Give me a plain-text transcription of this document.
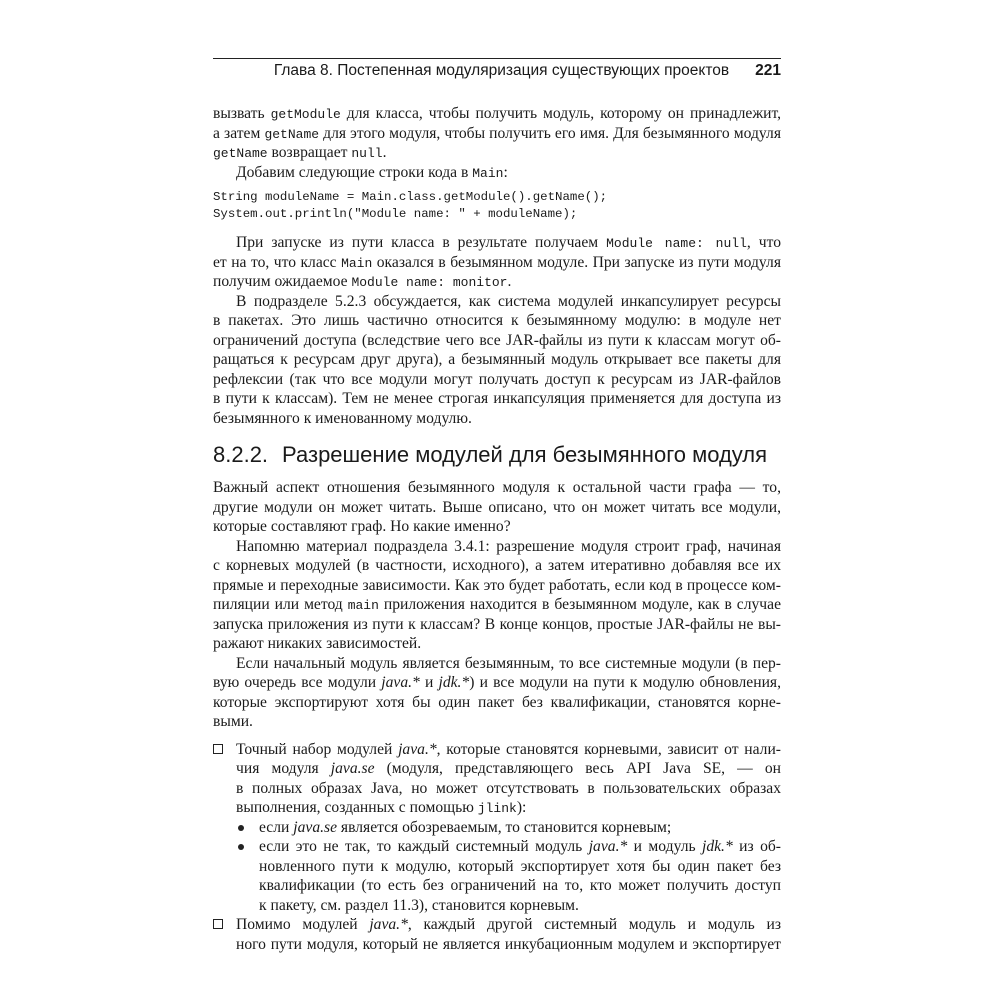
Глава 8. Постепенная модуляризация существующих проектов 221
вызвать getModule для класса, чтобы получить модуль, которому он принадлежит,
а затем getName для этого модуля, чтобы получить его имя. Для безымянного модуля
getName возвращает null.
Добавим следующие строки кода в Main:
String moduleName = Main.class.getModule().getName();
System.out.println("Module name: " + moduleName);
При запуске из пути класса в результате получаем Module name: null, что
ет на то, что класс Main оказался в безымянном модуле. При запуске из пути модуля
получим ожидаемое Module name: monitor.
В подразделе 5.2.3 обсуждается, как система модулей инкапсулирует ресурсы
в пакетах. Это лишь частично относится к безымянному модулю: в модуле нет
ограничений доступа (вследствие чего все JAR-файлы из пути к классам могут об-
ращаться к ресурсам друг друга), а безымянный модуль открывает все пакеты для
рефлексии (так что все модули могут получать доступ к ресурсам из JAR-файлов
в пути к классам). Тем не менее строгая инкапсуляция применяется для доступа из
безымянного к именованному модулю.
8.2.2. Разрешение модулей для безымянного модуля
Важный аспект отношения безымянного модуля к остальной части графа — то,
другие модули он может читать. Выше описано, что он может читать все модули,
которые составляют граф. Но какие именно?
Напомню материал подраздела 3.4.1: разрешение модуля строит граф, начиная
с корневых модулей (в частности, исходного), а затем итеративно добавляя все их
прямые и переходные зависимости. Как это будет работать, если код в процессе ком-
пиляции или метод main приложения находится в безымянном модуле, как в случае
запуска приложения из пути к классам? В конце концов, простые JAR-файлы не вы-
ражают никаких зависимостей.
Если начальный модуль является безымянным, то все системные модули (в пер-
вую очередь все модули java.* и jdk.*) и все модули на пути к модулю обновления,
которые экспортируют хотя бы один пакет без квалификации, становятся корне-
выми.
Точный набор модулей java.*, которые становятся корневыми, зависит от нали-
чия модуля java.se (модуля, представляющего весь API Java SE, — он
в полных образах Java, но может отсутствовать в пользовательских образах
выполнения, созданных с помощью jlink):
если java.se является обозреваемым, то становится корневым;
если это не так, то каждый системный модуль java.* и модуль jdk.* из об-
новленного пути к модулю, который экспортирует хотя бы один пакет без
квалификации (то есть без ограничений на то, кто может получить доступ
к пакету, см. раздел 11.3), становится корневым.
Помимо модулей java.*, каждый другой системный модуль и модуль из
ного пути модуля, который не является инкубационным модулем и экспортирует
